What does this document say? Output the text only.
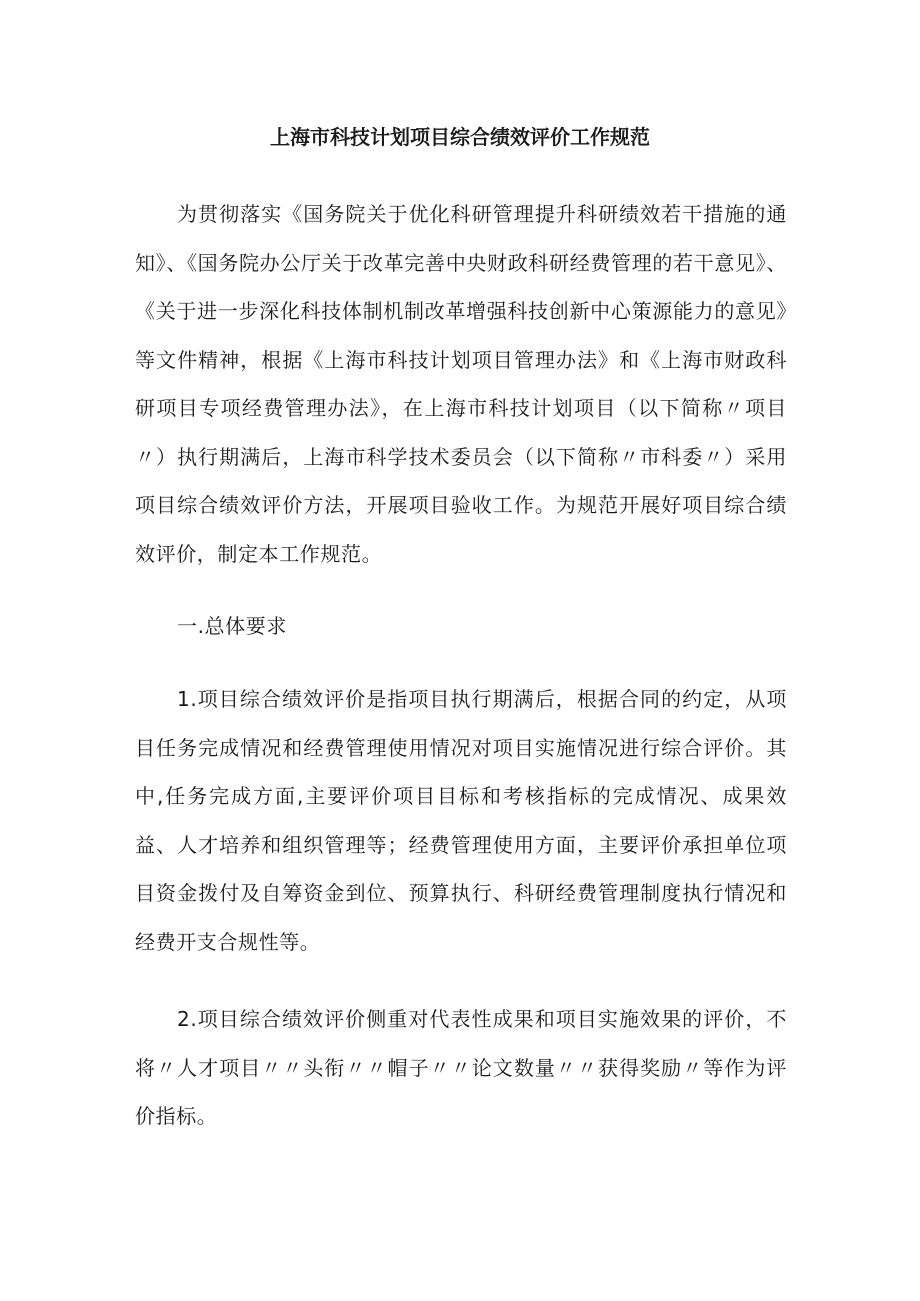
上海市科技计划项目综合绩效评价工作规范
为贯彻落实《国务院关于优化科研管理提升科研绩效若干措施的通知》、《国务院办公厅关于改革完善中央财政科研经费管理的若干意见》、《关于进一步深化科技体制机制改革增强科技创新中心策源能力的意见》等文件精神，根据《上海市科技计划项目管理办法》和《上海市财政科研项目专项经费管理办法》，在上海市科技计划项目（以下简称〃项目〃）执行期满后，上海市科学技术委员会（以下简称〃市科委〃）采用项目综合绩效评价方法，开展项目验收工作。为规范开展好项目综合绩效评价，制定本工作规范。
一.总体要求
1.项目综合绩效评价是指项目执行期满后，根据合同的约定，从项目任务完成情况和经费管理使用情况对项目实施情况进行综合评价。其中,任务完成方面,主要评价项目目标和考核指标的完成情况、成果效益、人才培养和组织管理等；经费管理使用方面，主要评价承担单位项目资金拨付及自筹资金到位、预算执行、科研经费管理制度执行情况和经费开支合规性等。
2.项目综合绩效评价侧重对代表性成果和项目实施效果的评价，不将〃人才项目〃〃头衔〃〃帽子〃〃论文数量〃〃获得奖励〃等作为评价指标。
